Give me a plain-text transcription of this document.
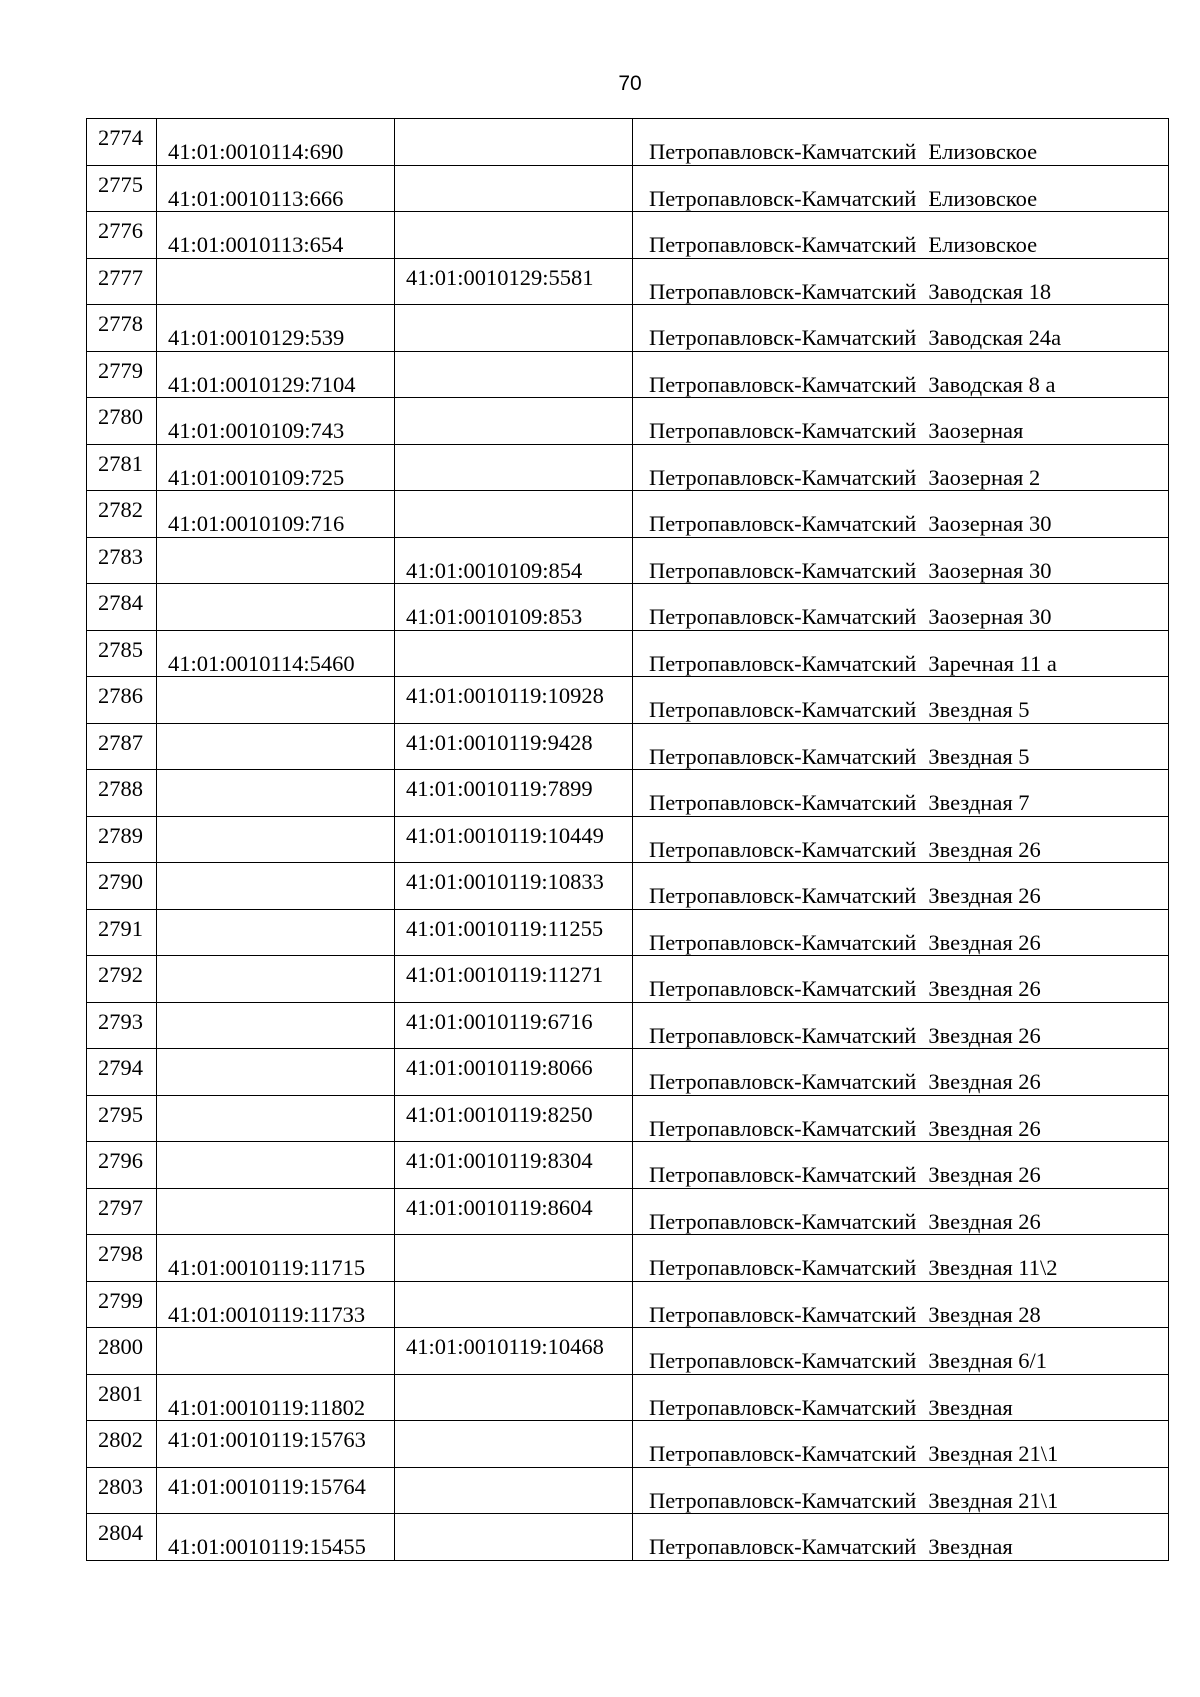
70
2774	41:01:0010114:690		Петропавловск-Камчатский Елизовское

2775	41:01:0010113:666		Петропавловск-Камчатский Елизовское

2776	41:01:0010113:654		Петропавловск-Камчатский Елизовское

2777		41:01:0010129:5581	Петропавловск-Камчатский Заводская 18

2778	41:01:0010129:539		Петропавловск-Камчатский Заводская 24а

2779	41:01:0010129:7104		Петропавловск-Камчатский Заводская 8 а

2780	41:01:0010109:743		Петропавловск-Камчатский Заозерная

2781	41:01:0010109:725		Петропавловск-Камчатский Заозерная 2

2782	41:01:0010109:716		Петропавловск-Камчатский Заозерная 30

2783		41:01:0010109:854	Петропавловск-Камчатский Заозерная 30

2784		41:01:0010109:853	Петропавловск-Камчатский Заозерная 30

2785	41:01:0010114:5460		Петропавловск-Камчатский Заречная 11 а

2786		41:01:0010119:10928	Петропавловск-Камчатский Звездная 5

2787		41:01:0010119:9428	Петропавловск-Камчатский Звездная 5

2788		41:01:0010119:7899	Петропавловск-Камчатский Звездная 7

2789		41:01:0010119:10449	Петропавловск-Камчатский Звездная 26

2790		41:01:0010119:10833	Петропавловск-Камчатский Звездная 26

2791		41:01:0010119:11255	Петропавловск-Камчатский Звездная 26

2792		41:01:0010119:11271	Петропавловск-Камчатский Звездная 26

2793		41:01:0010119:6716	Петропавловск-Камчатский Звездная 26

2794		41:01:0010119:8066	Петропавловск-Камчатский Звездная 26

2795		41:01:0010119:8250	Петропавловск-Камчатский Звездная 26

2796		41:01:0010119:8304	Петропавловск-Камчатский Звездная 26

2797		41:01:0010119:8604	Петропавловск-Камчатский Звездная 26

2798	41:01:0010119:11715		Петропавловск-Камчатский Звездная 11\2

2799	41:01:0010119:11733		Петропавловск-Камчатский Звездная 28

2800		41:01:0010119:10468	Петропавловск-Камчатский Звездная 6/1

2801	41:01:0010119:11802		Петропавловск-Камчатский Звездная

2802	41:01:0010119:15763		Петропавловск-Камчатский Звездная 21\1

2803	41:01:0010119:15764		Петропавловск-Камчатский Звездная 21\1

2804	41:01:0010119:15455		Петропавловск-Камчатский Звездная
